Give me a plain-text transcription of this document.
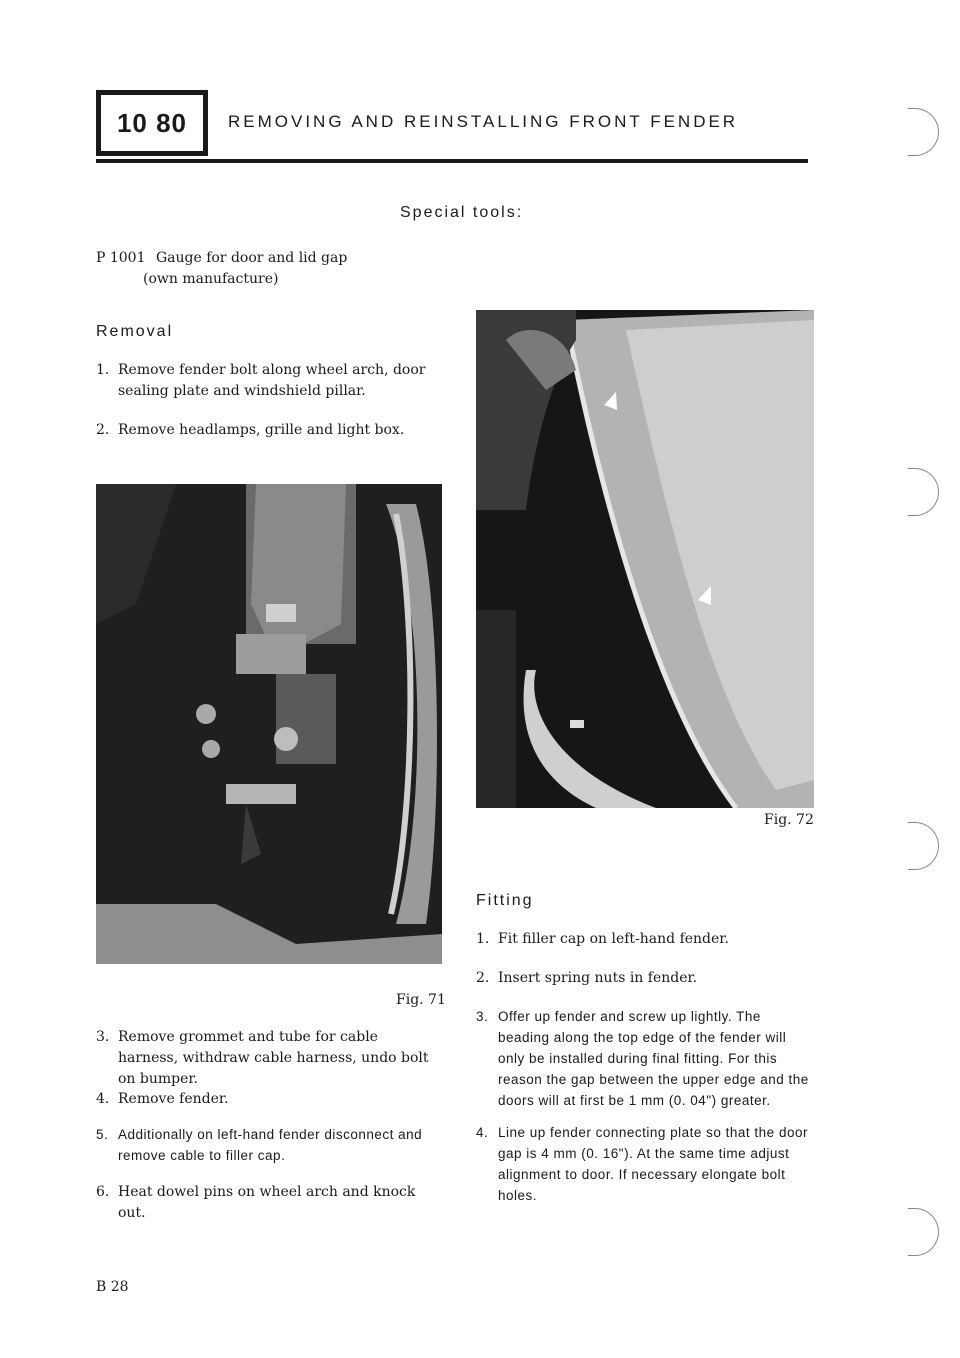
10 80 REMOVING AND REINSTALLING FRONT FENDER
Special tools:
P 1001 Gauge for door and lid gap
(own manufacture)
Removal
1. Remove fender bolt along wheel arch, door sealing plate and windshield pillar.
2. Remove headlamps, grille and light box.
Fig. 71
3. Remove grommet and tube for cable harness, withdraw cable harness, undo bolt on bumper.
4. Remove fender.
5. Additionally on left-hand fender disconnect and remove cable to filler cap.
6. Heat dowel pins on wheel arch and knock out.
Fig. 72
Fitting
1. Fit filler cap on left-hand fender.
2. Insert spring nuts in fender.
3. Offer up fender and screw up lightly. The beading along the top edge of the fender will only be installed during final fitting. For this reason the gap between the upper edge and the doors will at first be 1 mm (0. 04") greater.
4. Line up fender connecting plate so that the door gap is 4 mm (0. 16"). At the same time adjust alignment to door. If necessary elongate bolt holes.
B 28
